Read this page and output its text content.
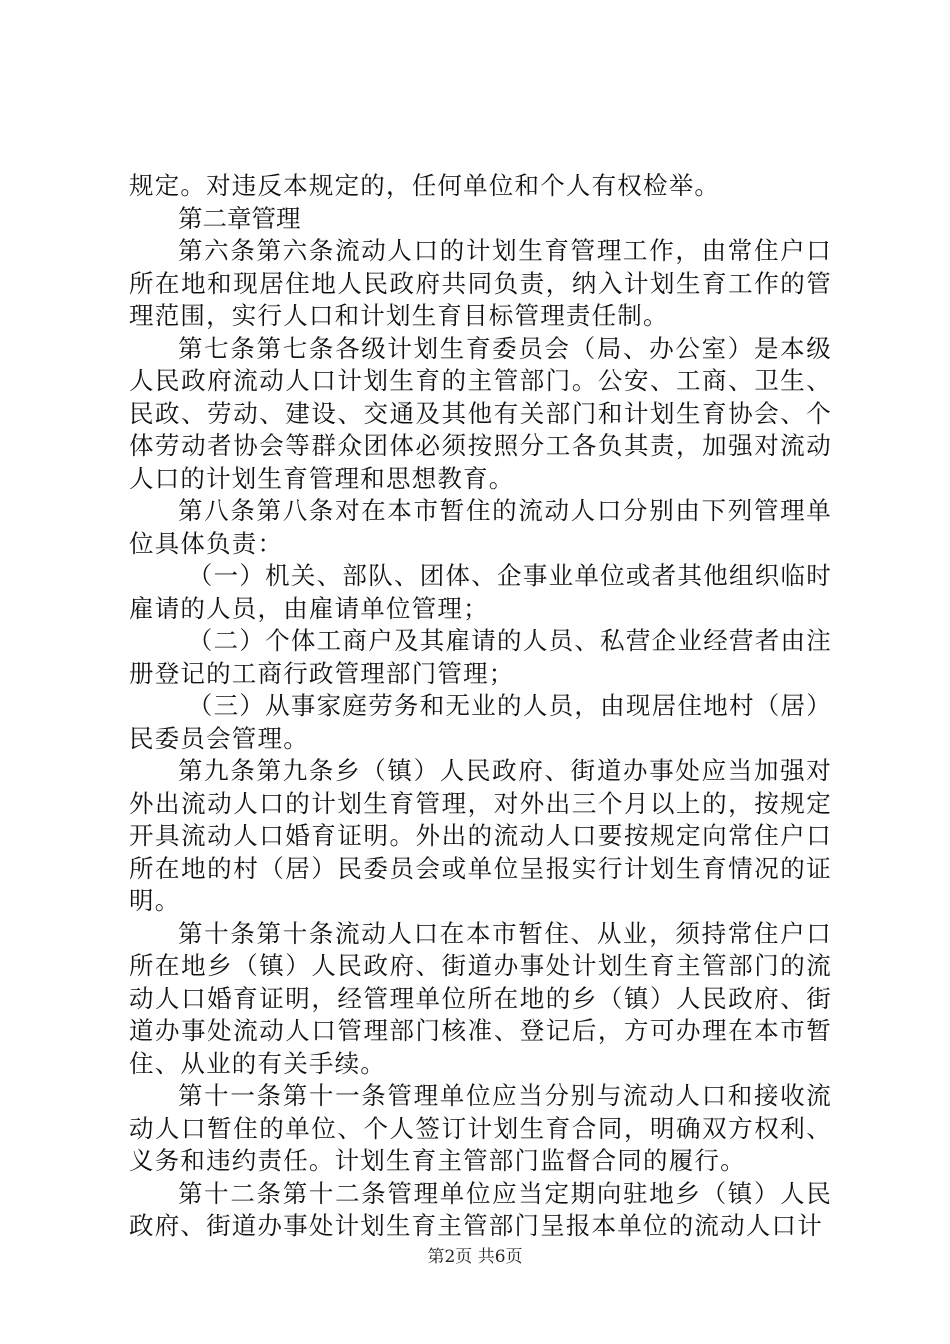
规定。对违反本规定的，任何单位和个人有权检举。

第二章管理

第六条第六条流动人口的计划生育管理工作，由常住户口所在地和现居住地人民政府共同负责，纳入计划生育工作的管理范围，实行人口和计划生育目标管理责任制。

第七条第七条各级计划生育委员会（局、办公室）是本级人民政府流动人口计划生育的主管部门。公安、工商、卫生、民政、劳动、建设、交通及其他有关部门和计划生育协会、个体劳动者协会等群众团体必须按照分工各负其责，加强对流动人口的计划生育管理和思想教育。

第八条第八条对在本市暂住的流动人口分别由下列管理单位具体负责：

（一）机关、部队、团体、企事业单位或者其他组织临时雇请的人员，由雇请单位管理；

（二）个体工商户及其雇请的人员、私营企业经营者由注册登记的工商行政管理部门管理；

（三）从事家庭劳务和无业的人员，由现居住地村（居）民委员会管理。

第九条第九条乡（镇）人民政府、街道办事处应当加强对外出流动人口的计划生育管理，对外出三个月以上的，按规定开具流动人口婚育证明。外出的流动人口要按规定向常住户口所在地的村（居）民委员会或单位呈报实行计划生育情况的证明。

第十条第十条流动人口在本市暂住、从业，须持常住户口所在地乡（镇）人民政府、街道办事处计划生育主管部门的流动人口婚育证明，经管理单位所在地的乡（镇）人民政府、街道办事处流动人口管理部门核准、登记后，方可办理在本市暂住、从业的有关手续。

第十一条第十一条管理单位应当分别与流动人口和接收流动人口暂住的单位、个人签订计划生育合同，明确双方权利、义务和违约责任。计划生育主管部门监督合同的履行。

第十二条第十二条管理单位应当定期向驻地乡（镇）人民政府、街道办事处计划生育主管部门呈报本单位的流动人口计

第2页 共6页
